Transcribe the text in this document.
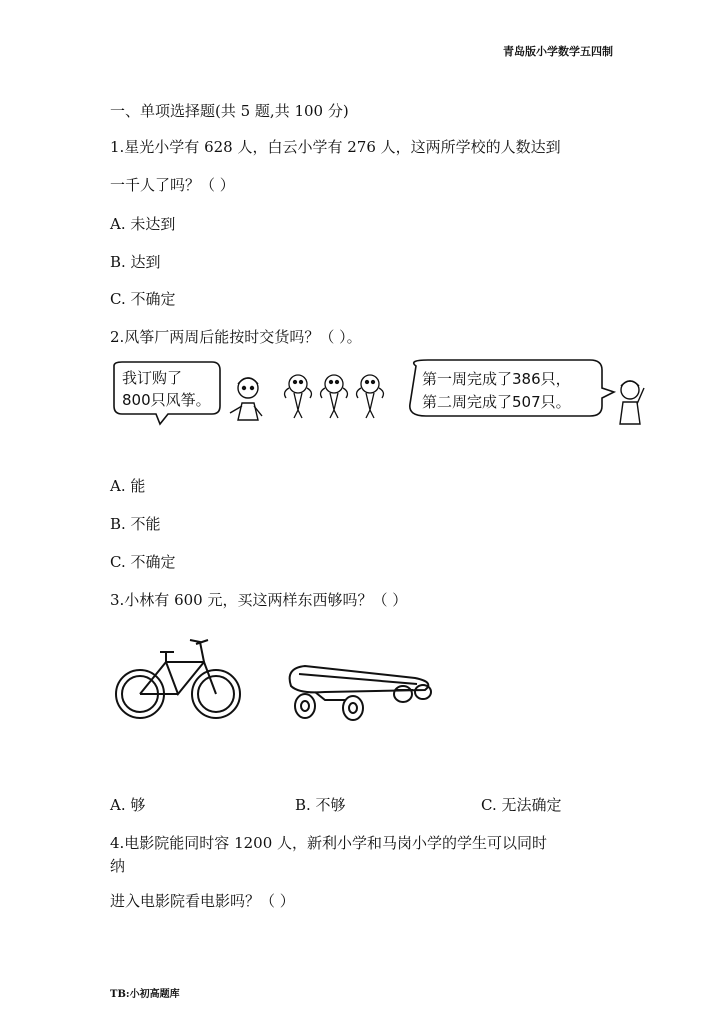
青岛版小学数学五四制
一、单项选择题(共 5 题,共 100 分)
1.星光小学有 628 人，白云小学有 276 人，这两所学校的人数达到
一千人了吗？（ ）
A. 未达到
B. 达到
C. 不确定
2.风筝厂两周后能按时交货吗？（ ）。
我订购了
800只风筝。
第一周完成了386只，
第二周完成了507只。
A. 能
B. 不能
C. 不确定
3.小林有 600 元，买这两样东西够吗？（ ）
A. 够	B. 不够	C. 无法确定
4.电影院能同时容 1200 人，新利小学和马岗小学的学生可以同时
纳
进入电影院看电影吗？（ ）
TB:小初高题库
